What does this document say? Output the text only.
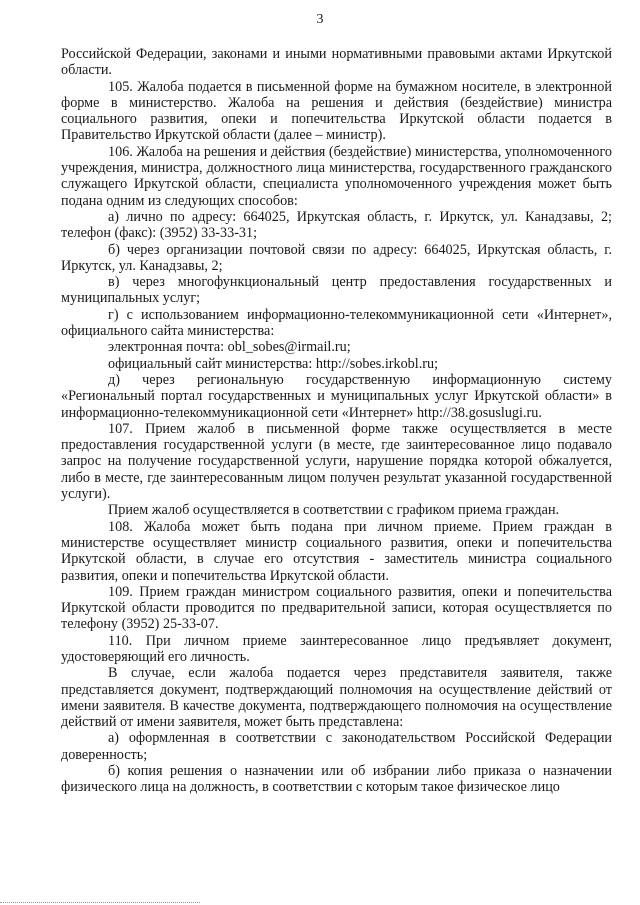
3

Российской Федерации, законами и иными нормативными правовыми актами Иркутской области.

105. Жалоба подается в письменной форме на бумажном носителе, в электронной форме в министерство. Жалоба на решения и действия (бездействие) министра социального развития, опеки и попечительства Иркутской области подается в Правительство Иркутской области (далее – министр).

106. Жалоба на решения и действия (бездействие) министерства, уполномоченного учреждения, министра, должностного лица министерства, государственного гражданского служащего Иркутской области, специалиста уполномоченного учреждения может быть подана одним из следующих способов:

а) лично по адресу: 664025, Иркутская область, г. Иркутск, ул. Канадзавы, 2; телефон (факс): (3952) 33-33-31;

б) через организации почтовой связи по адресу: 664025, Иркутская область, г. Иркутск, ул. Канадзавы, 2;

в) через многофункциональный центр предоставления государственных и муниципальных услуг;

г) с использованием информационно-телекоммуникационной сети «Интернет», официального сайта министерства:

электронная почта: obl_sobes@irmail.ru;

официальный сайт министерства: http://sobes.irkobl.ru;

д) через региональную государственную информационную систему «Региональный портал государственных и муниципальных услуг Иркутской области» в информационно-телекоммуникационной сети «Интернет» http://38.gosuslugi.ru.

107. Прием жалоб в письменной форме также осуществляется в месте предоставления государственной услуги (в месте, где заинтересованное лицо подавало запрос на получение государственной услуги, нарушение порядка которой обжалуется, либо в месте, где заинтересованным лицом получен результат указанной государственной услуги).

Прием жалоб осуществляется в соответствии с графиком приема граждан.

108. Жалоба может быть подана при личном приеме. Прием граждан в министерстве осуществляет министр социального развития, опеки и попечительства Иркутской области, в случае его отсутствия - заместитель министра социального развития, опеки и попечительства Иркутской области.

109. Прием граждан министром социального развития, опеки и попечительства Иркутской области проводится по предварительной записи, которая осуществляется по телефону (3952) 25-33-07.

110. При личном приеме заинтересованное лицо предъявляет документ, удостоверяющий его личность.

В случае, если жалоба подается через представителя заявителя, также представляется документ, подтверждающий полномочия на осуществление действий от имени заявителя. В качестве документа, подтверждающего полномочия на осуществление действий от имени заявителя, может быть представлена:

а) оформленная в соответствии с законодательством Российской Федерации доверенность;

б) копия решения о назначении или об избрании либо приказа о назначении физического лица на должность, в соответствии с которым такое физическое лицо
